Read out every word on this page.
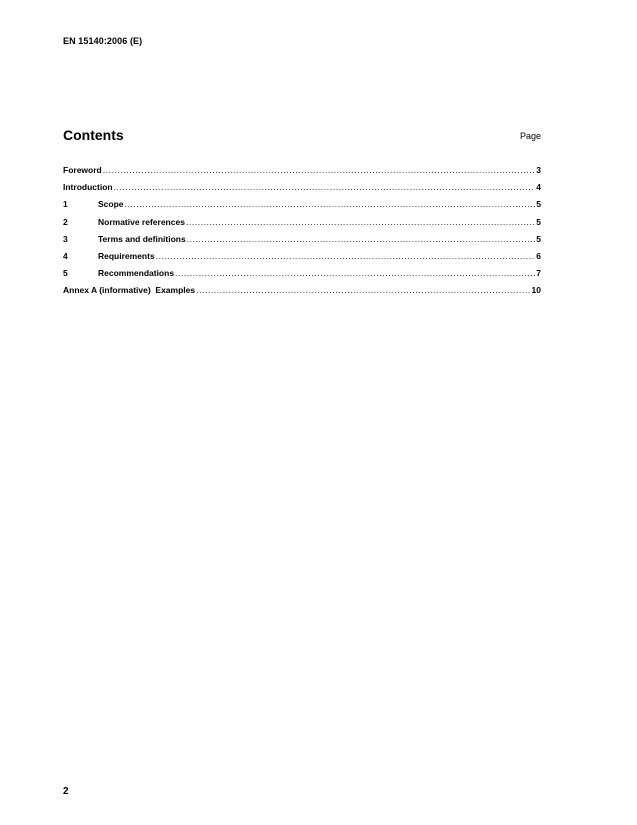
EN 15140:2006 (E)
Contents	Page
Foreword .....	3
Introduction .....	4
1	Scope .....	5
2	Normative references .....	5
3	Terms and definitions .....	5
4	Requirements .....	6
5	Recommendations .....	7
Annex A (informative)  Examples .....	10
2
